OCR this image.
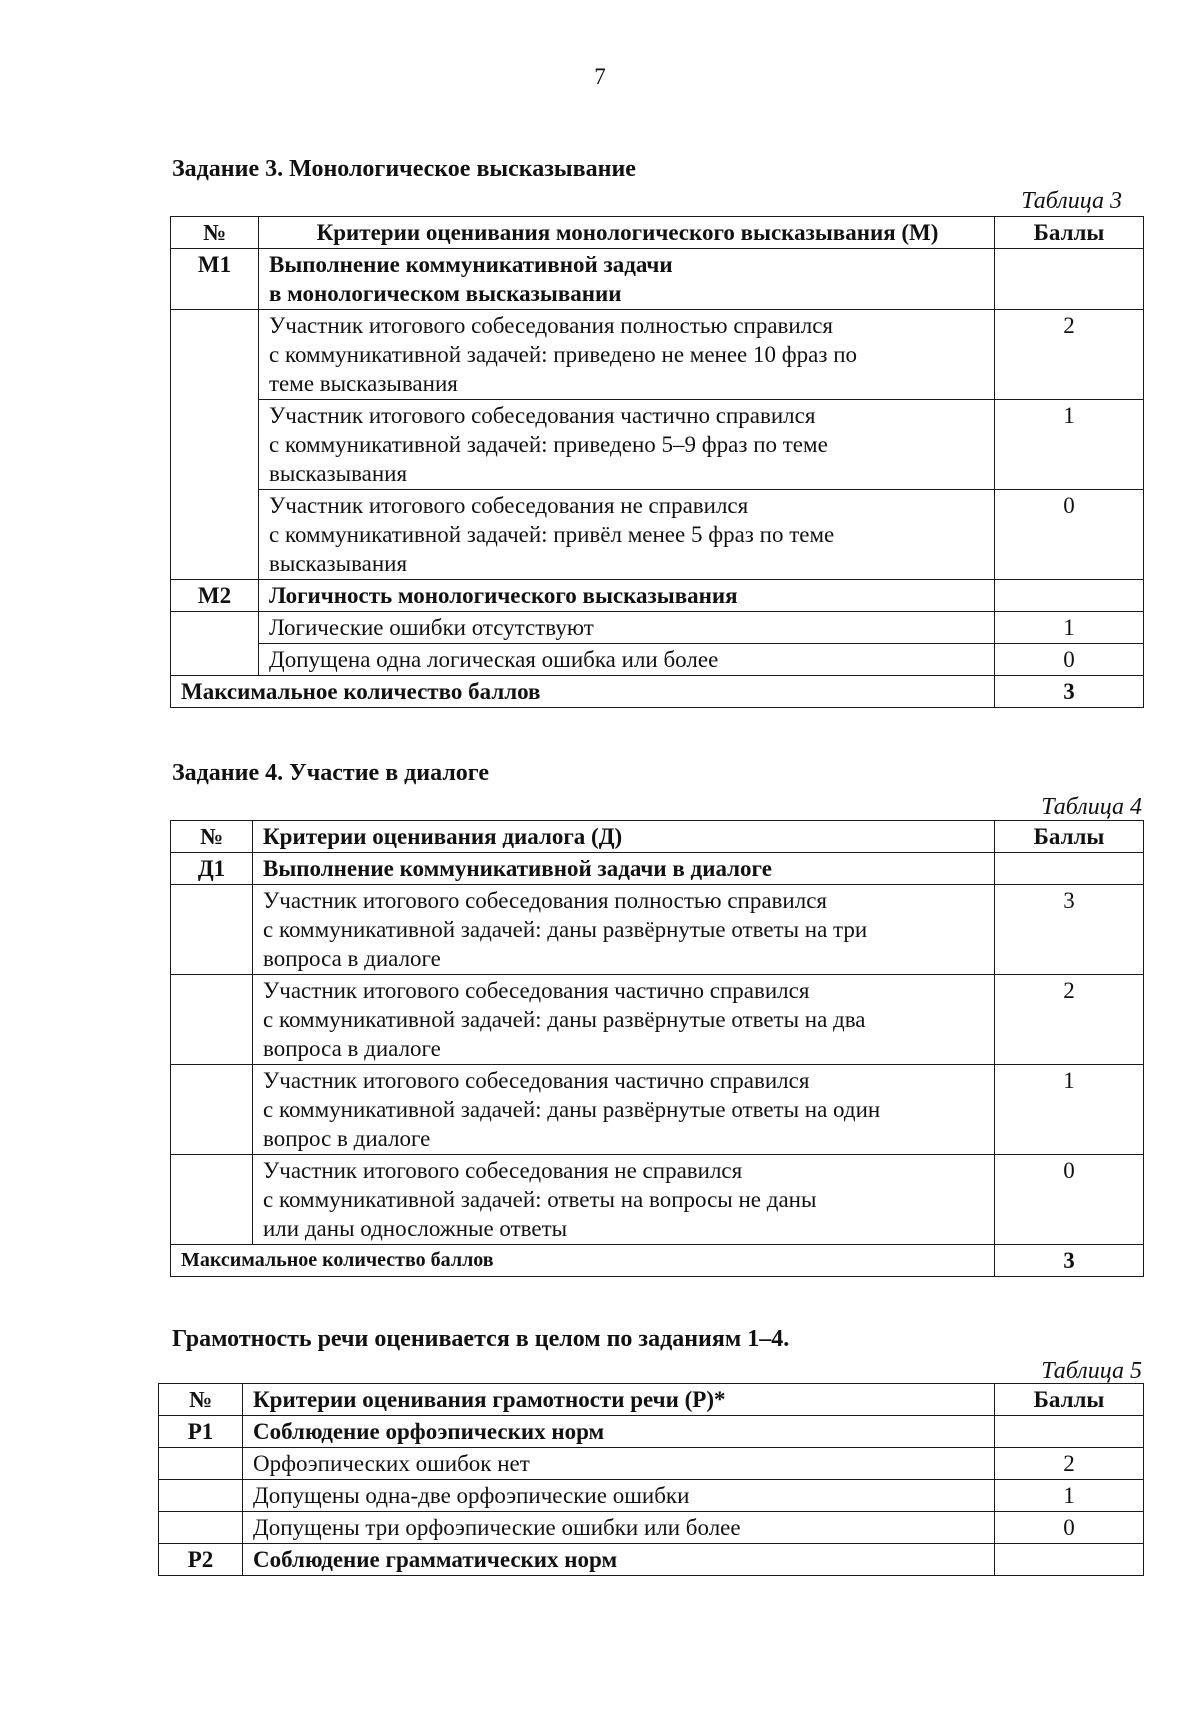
7
Задание 3. Монологическое высказывание
Таблица 3
№	Критерии оценивания монологического высказывания (М)	Баллы
М1	Выполнение коммуникативной задачи
в монологическом высказывании	
	Участник итогового собеседования полностью справился
с коммуникативной задачей: приведено не менее 10 фраз по
теме высказывания	2
	Участник итогового собеседования частично справился
с коммуникативной задачей: приведено 5–9 фраз по теме
высказывания	1
	Участник итогового собеседования не справился
с коммуникативной задачей: привёл менее 5 фраз по теме
высказывания	0
М2	Логичность монологического высказывания	
	Логические ошибки отсутствуют	1
	Допущена одна логическая ошибка или более	0
Максимальное количество баллов		3
Задание 4. Участие в диалоге
Таблица 4
№	Критерии оценивания диалога (Д)	Баллы
Д1	Выполнение коммуникативной задачи в диалоге	
	Участник итогового собеседования полностью справился
с коммуникативной задачей: даны развёрнутые ответы на три
вопроса в диалоге	3
	Участник итогового собеседования частично справился
с коммуникативной задачей: даны развёрнутые ответы на два
вопроса в диалоге	2
	Участник итогового собеседования частично справился
с коммуникативной задачей: даны развёрнутые ответы на один
вопрос в диалоге	1
	Участник итогового собеседования не справился
с коммуникативной задачей: ответы на вопросы не даны
или даны односложные ответы	0
Максимальное количество баллов		3
Грамотность речи оценивается в целом по заданиям 1–4.
Таблица 5
№	Критерии оценивания грамотности речи (Р)*	Баллы
Р1	Соблюдение орфоэпических норм	
	Орфоэпических ошибок нет	2
	Допущены одна-две орфоэпические ошибки	1
	Допущены три орфоэпические ошибки или более	0
Р2	Соблюдение грамматических норм	
